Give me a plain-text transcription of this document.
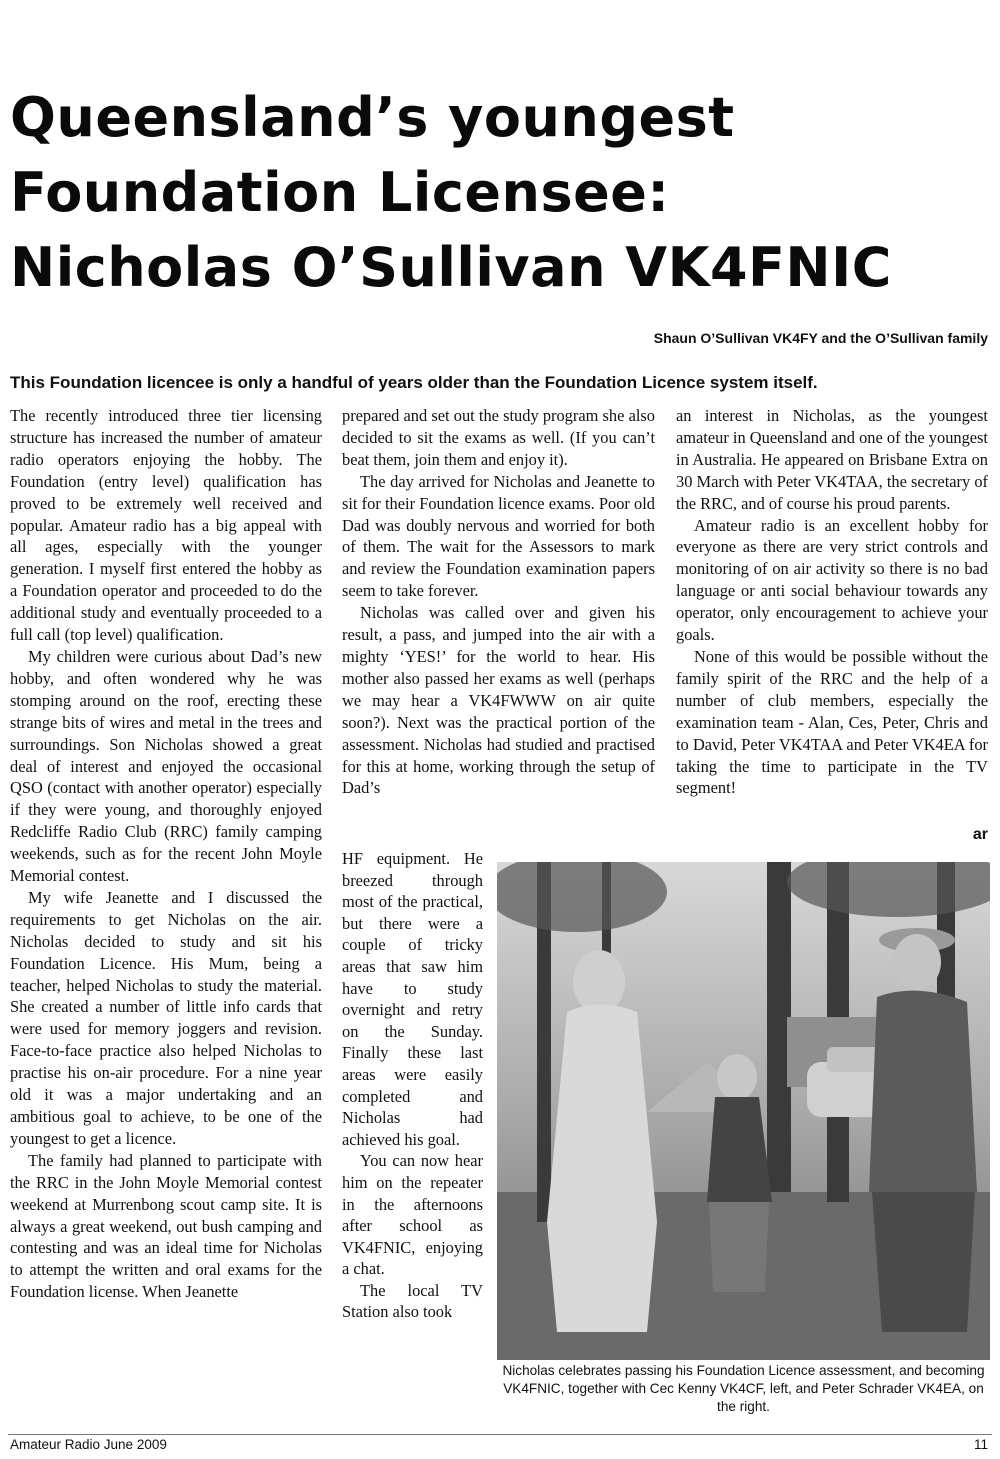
Queensland’s youngest
Foundation Licensee:
Nicholas O’Sullivan VK4FNIC
Shaun O’Sullivan VK4FY and the O’Sullivan family
This Foundation licencee is only a handful of years older than the Foundation Licence system itself.

The recently introduced three tier licensing structure has increased the number of amateur radio operators enjoying the hobby. The Foundation (entry level) qualification has proved to be extremely well received and popular. Amateur radio has a big appeal with all ages, especially with the younger generation. I myself first entered the hobby as a Foundation operator and proceeded to do the additional study and eventually proceeded to a full call (top level) qualification.

My children were curious about Dad’s new hobby, and often wondered why he was stomping around on the roof, erecting these strange bits of wires and metal in the trees and surroundings. Son Nicholas showed a great deal of interest and enjoyed the occasional QSO (contact with another operator) especially if they were young, and thoroughly enjoyed Redcliffe Radio Club (RRC) family camping weekends, such as for the recent John Moyle Memorial contest.

My wife Jeanette and I discussed the requirements to get Nicholas on the air. Nicholas decided to study and sit his Foundation Licence. His Mum, being a teacher, helped Nicholas to study the material. She created a number of little info cards that were used for memory joggers and revision. Face-to-face practice also helped Nicholas to practise his on-air procedure. For a nine year old it was a major undertaking and an ambitious goal to achieve, to be one of the youngest to get a licence.

The family had planned to participate with the RRC in the John Moyle Memorial contest weekend at Murrenbong scout camp site. It is always a great weekend, out bush camping and contesting and was an ideal time for Nicholas to attempt the written and oral exams for the Foundation license. When Jeanette

prepared and set out the study program she also decided to sit the exams as well. (If you can’t beat them, join them and enjoy it).

The day arrived for Nicholas and Jeanette to sit for their Foundation licence exams. Poor old Dad was doubly nervous and worried for both of them. The wait for the Assessors to mark and review the Foundation examination papers seem to take forever.

Nicholas was called over and given his result, a pass, and jumped into the air with a mighty ‘YES!’ for the world to hear. His mother also passed her exams as well (perhaps we may hear a VK4FWWW on air quite soon?). Next was the practical portion of the assessment. Nicholas had studied and practised for this at home, working through the setup of Dad’s

HF equipment. He breezed through most of the practical, but there were a couple of tricky areas that saw him have to study overnight and retry on the Sunday. Finally these last areas were easily completed and Nicholas had achieved his goal.

You can now hear him on the repeater in the afternoons after school as VK4FNIC, enjoying a chat.

The local TV Station also took

an interest in Nicholas, as the youngest amateur in Queensland and one of the youngest in Australia. He appeared on Brisbane Extra on 30 March with Peter VK4TAA, the secretary of the RRC, and of course his proud parents.

Amateur radio is an excellent hobby for everyone as there are very strict controls and monitoring of on air activity so there is no bad language or anti social behaviour towards any operator, only encouragement to achieve your goals.

None of this would be possible without the family spirit of the RRC and the help of a number of club members, especially the examination team - Alan, Ces, Peter, Chris and to David, Peter VK4TAA and Peter VK4EA for taking the time to participate in the TV segment!

ar
Nicholas celebrates passing his Foundation Licence assessment, and becoming VK4FNIC, together with Cec Kenny VK4CF, left, and Peter Schrader VK4EA, on the right.
Amateur Radio June 2009	11
